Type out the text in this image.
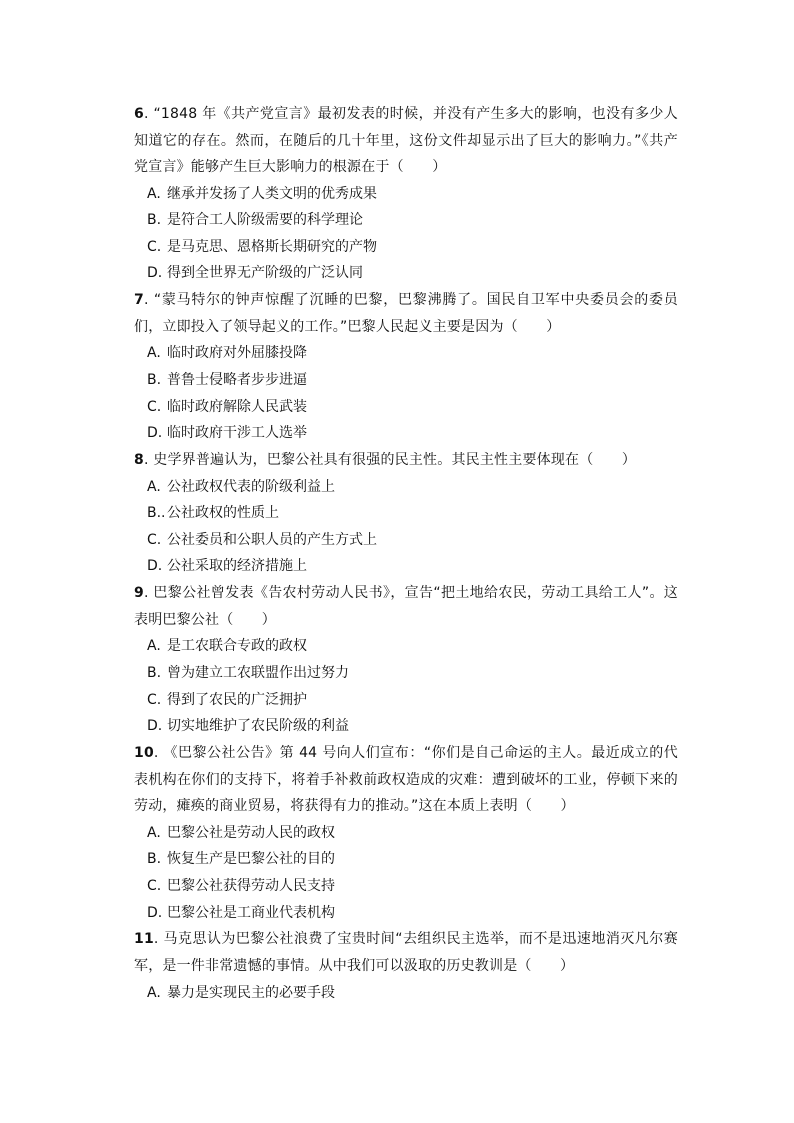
6. “1848 年《共产党宣言》最初发表的时候，并没有产生多大的影响，也没有多少人知道它的存在。然而，在随后的几十年里，这份文件却显示出了巨大的影响力。”《共产党宣言》能够产生巨大影响力的根源在于（　　）
A. 继承并发扬了人类文明的优秀成果
B. 是符合工人阶级需要的科学理论
C. 是马克思、恩格斯长期研究的产物
D. 得到全世界无产阶级的广泛认同
7. “蒙马特尔的钟声惊醒了沉睡的巴黎，巴黎沸腾了。国民自卫军中央委员会的委员们，立即投入了领导起义的工作。”巴黎人民起义主要是因为（　　）
A. 临时政府对外屈膝投降
B. 普鲁士侵略者步步进逼
C. 临时政府解除人民武装
D. 临时政府干涉工人选举
8. 史学界普遍认为，巴黎公社具有很强的民主性。其民主性主要体现在（　　）
A. 公社政权代表的阶级利益上
B..公社政权的性质上
C. 公社委员和公职人员的产生方式上
D. 公社采取的经济措施上
9. 巴黎公社曾发表《告农村劳动人民书》，宣告“把土地给农民，劳动工具给工人”。这表明巴黎公社（　　）
A. 是工农联合专政的政权
B. 曾为建立工农联盟作出过努力
C. 得到了农民的广泛拥护
D. 切实地维护了农民阶级的利益
10. 《巴黎公社公告》第 44 号向人们宣布：“你们是自己命运的主人。最近成立的代表机构在你们的支持下，将着手补救前政权造成的灾难：遭到破坏的工业，停顿下来的劳动，瘫痪的商业贸易，将获得有力的推动。”这在本质上表明（　　）
A. 巴黎公社是劳动人民的政权
B. 恢复生产是巴黎公社的目的
C. 巴黎公社获得劳动人民支持
D. 巴黎公社是工商业代表机构
11. 马克思认为巴黎公社浪费了宝贵时间“去组织民主选举，而不是迅速地消灭凡尔赛军，是一件非常遗憾的事情。从中我们可以汲取的历史教训是（　　）
A. 暴力是实现民主的必要手段
